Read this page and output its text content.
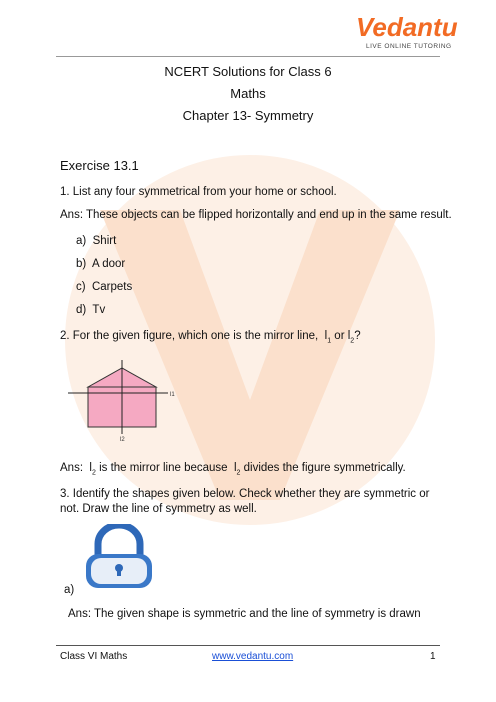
Vedantu
LIVE ONLINE TUTORING
NCERT Solutions for Class 6
Maths
Chapter 13- Symmetry
Exercise 13.1
1. List any four symmetrical from your home or school.
Ans: These objects can be flipped horizontally and end up in the same result.
a) Shirt
b) A door
c) Carpets
d) Tv
2. For the given figure, which one is the mirror line, $l_1$ or $l_2$?
l1
l2
Ans: $l_2$ is the mirror line because $l_2$ divides the figure symmetrically.
3. Identify the shapes given below. Check whether they are symmetric or
not. Draw the line of symmetry as well.
a)
Ans: The given shape is symmetric and the line of symmetry is drawn
Class VI Maths	www.vedantu.com	1
